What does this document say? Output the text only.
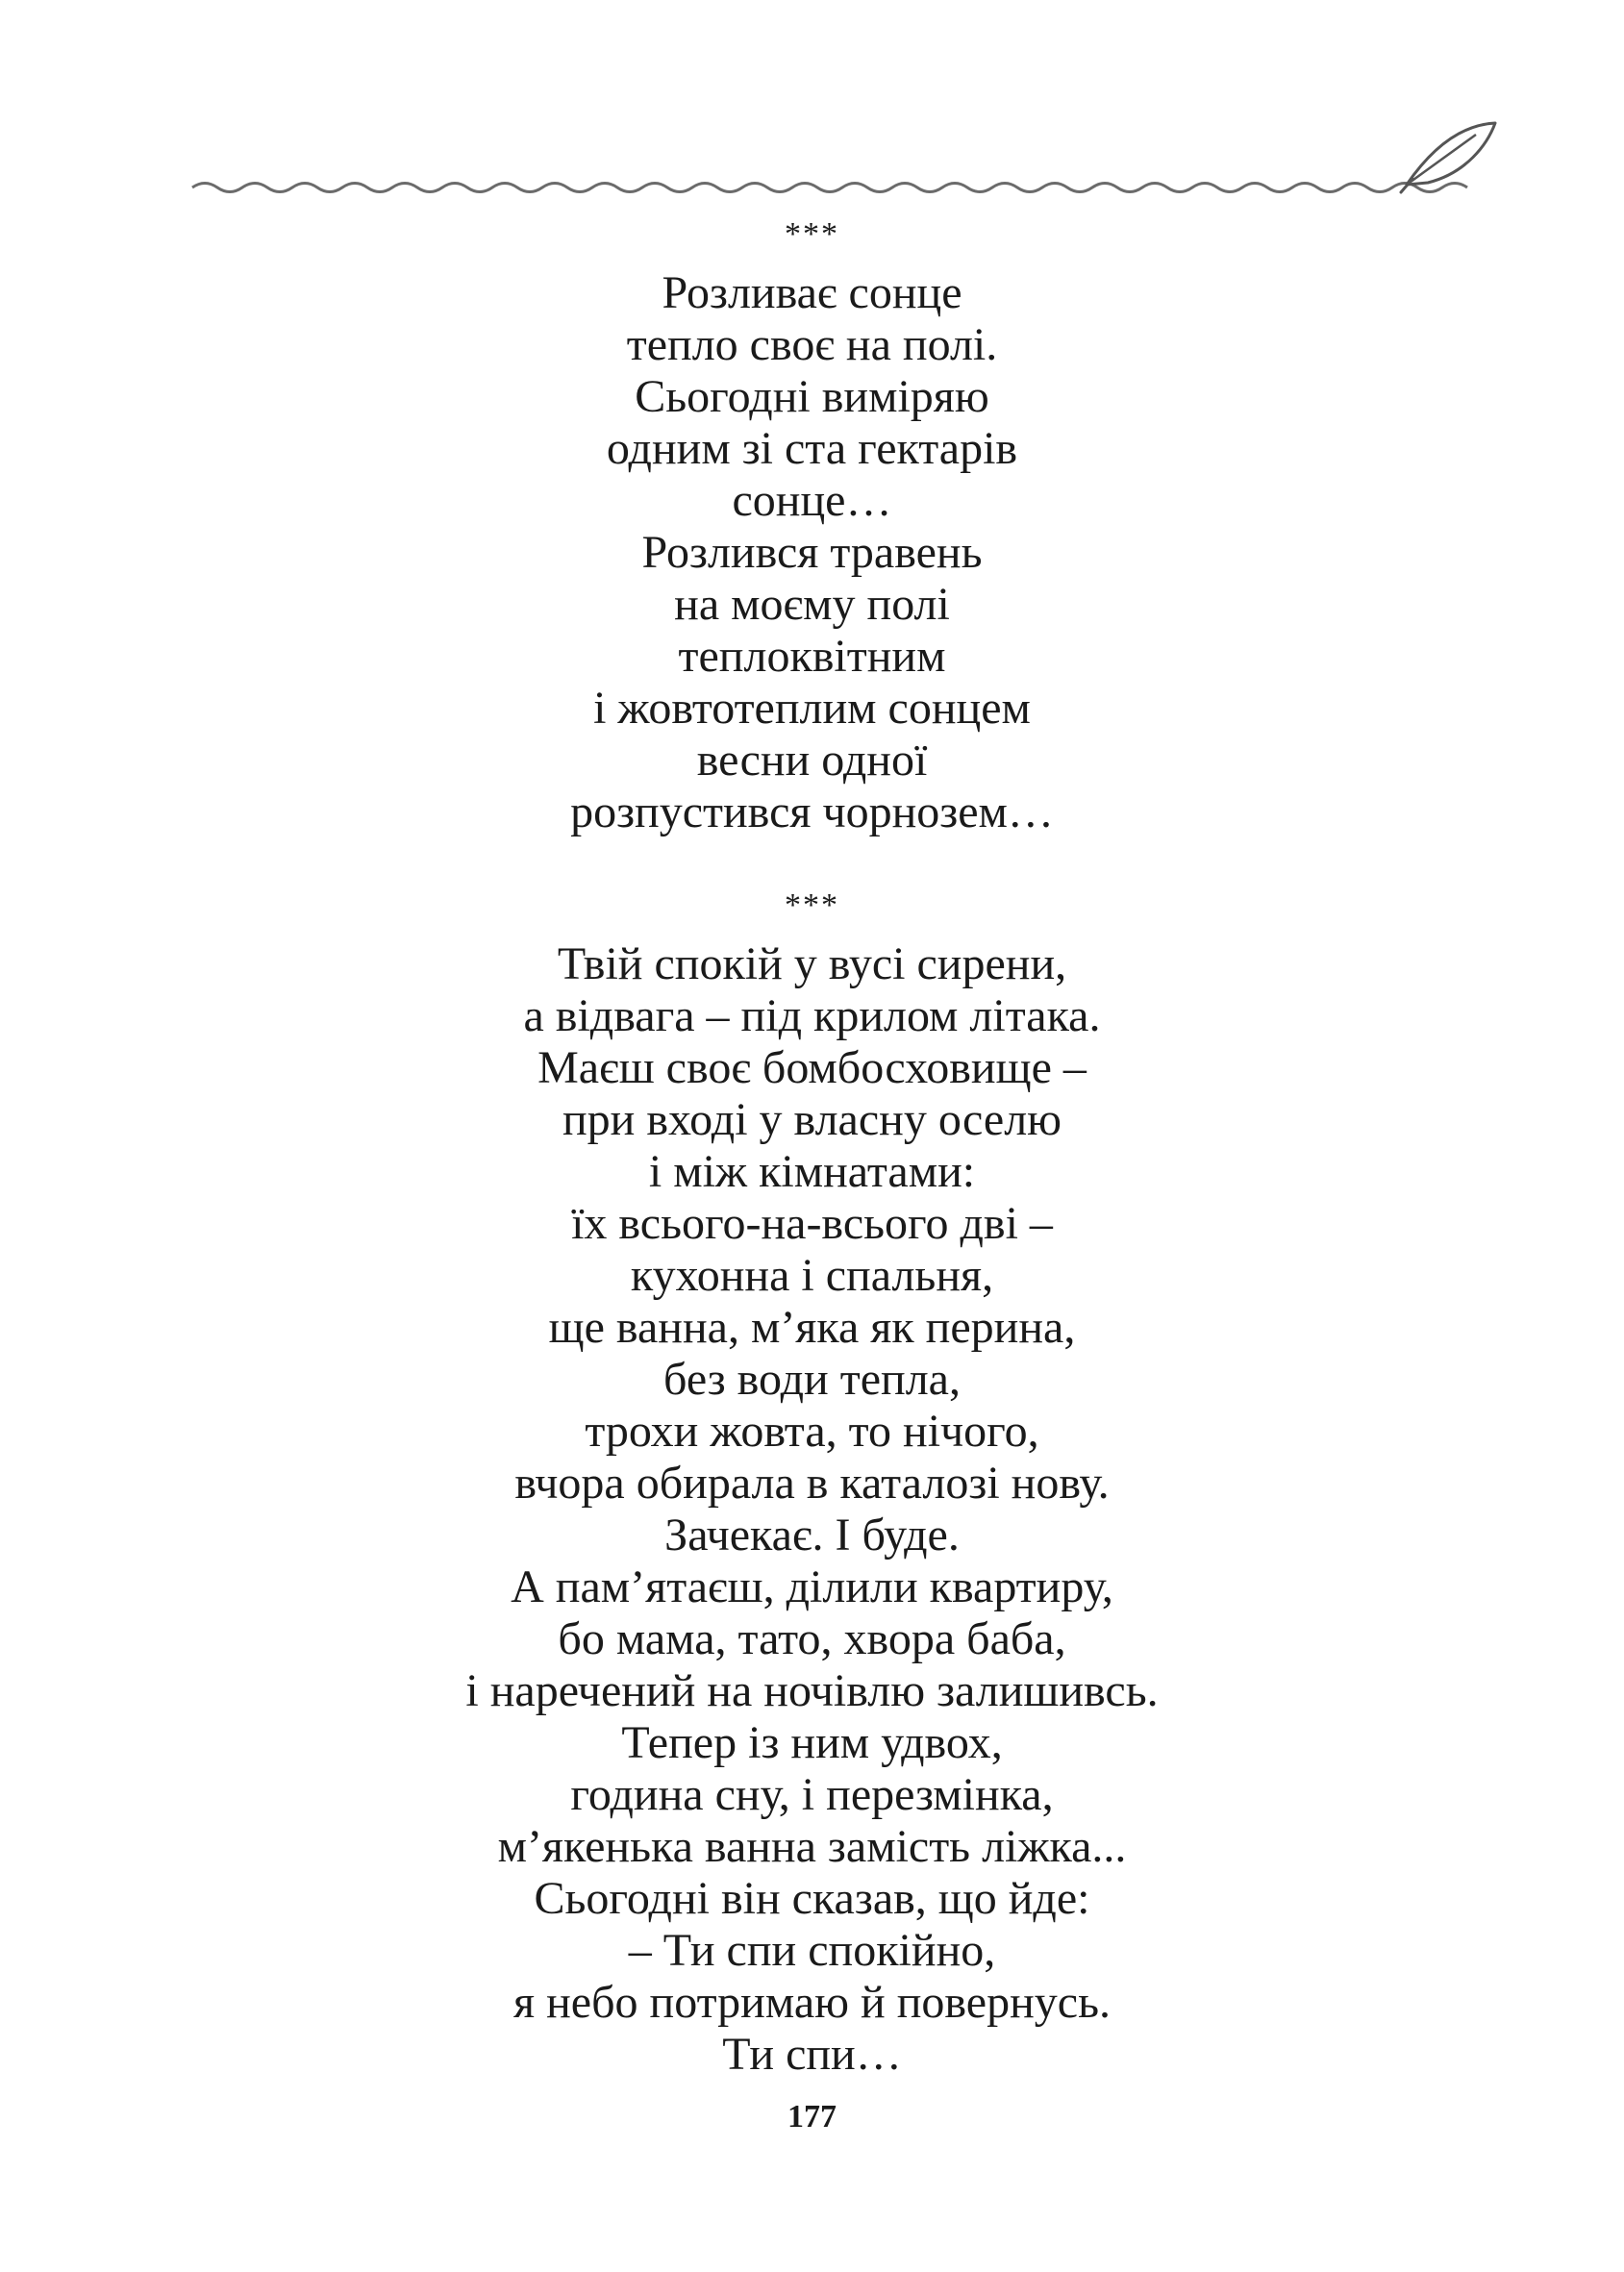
***
Розливає сонце
тепло своє на полі.
Сьогодні виміряю
одним зі ста гектарів
сонце…
Розлився травень
на моєму полі
теплоквітним
і жовтотеплим сонцем
весни одної
розпустився чорнозем…
***
Твій спокій у вусі сирени,
а відвага – під крилом літака.
Маєш своє бомбосховище –
при вході у власну оселю
і між кімнатами:
їх всього-на-всього дві –
кухонна і спальня,
ще ванна, м’яка як перина,
без води тепла,
трохи жовта, то нічого,
вчора обирала в каталозі нову.
Зачекає. І буде.
А пам’ятаєш, ділили квартиру,
бо мама, тато, хвора баба,
і наречений на ночівлю залишивсь.
Тепер із ним удвох,
година сну, і перезмінка,
м’якенька ванна замість ліжка...
Сьогодні він сказав, що йде:
– Ти спи спокійно,
я небо потримаю й повернусь.
Ти спи…
177
